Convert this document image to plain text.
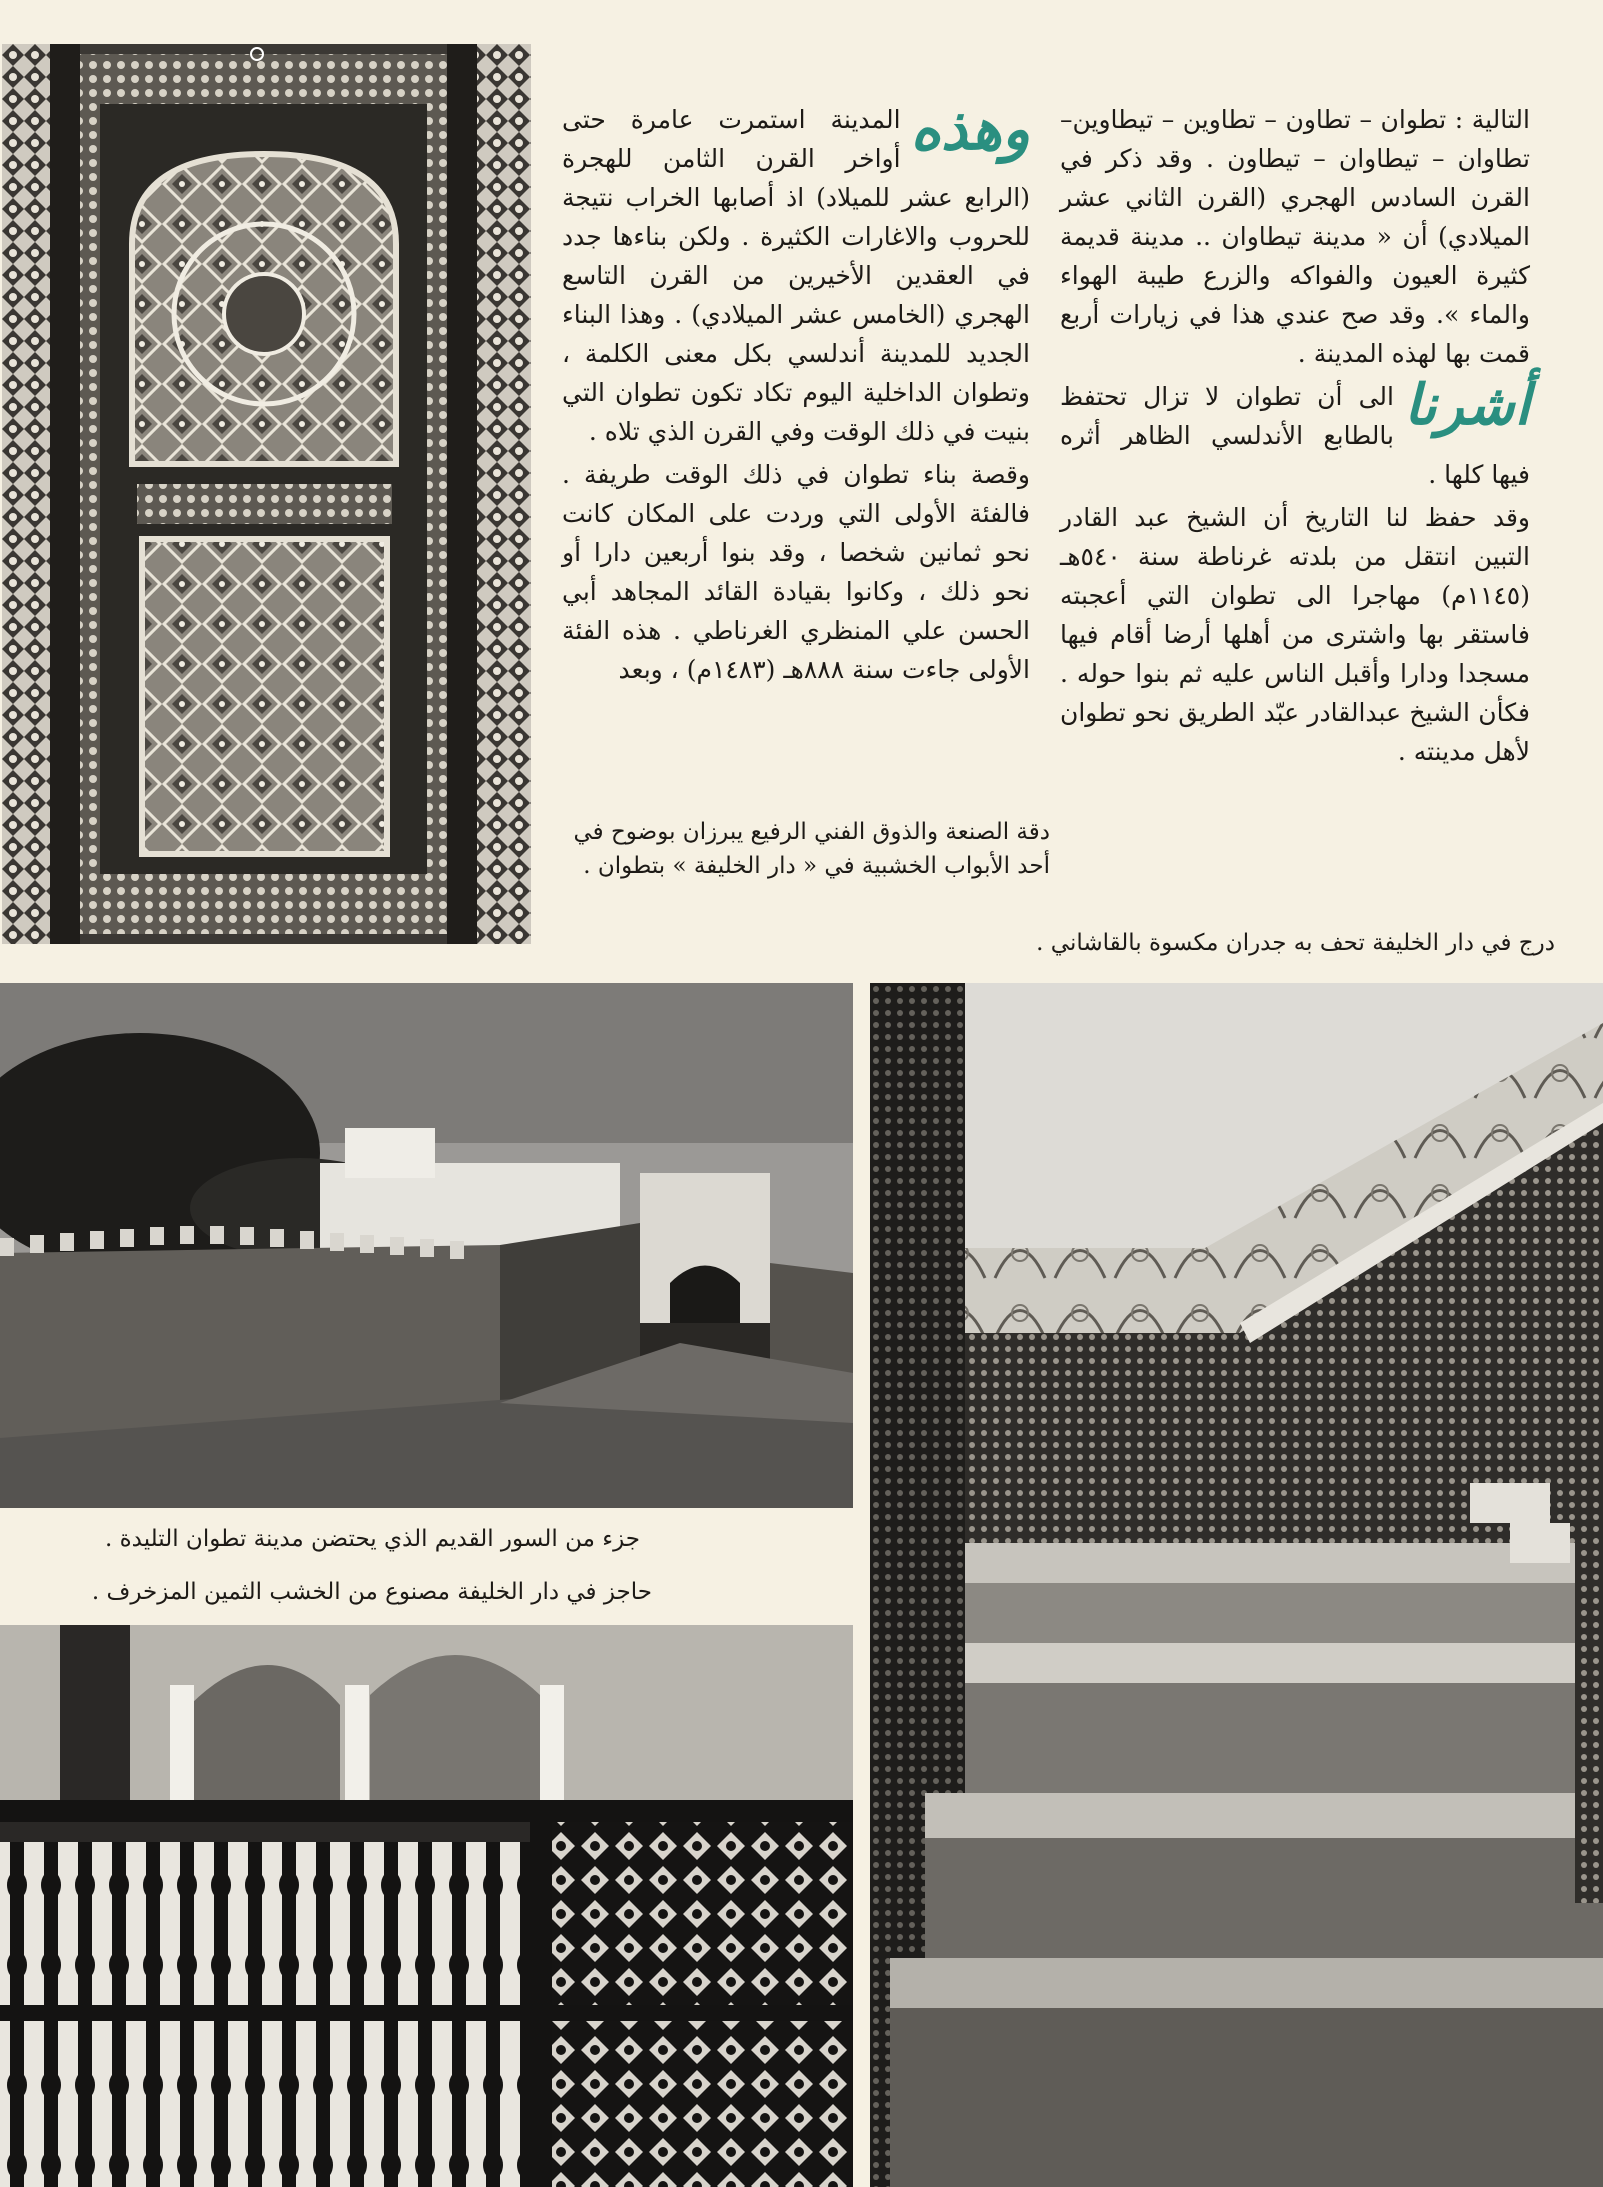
التالية : تطوان – تطاون – تطاوين – تيطاوين– تطاوان – تيطاوان – تيطاون . وقد ذكر في القرن السادس الهجري (القرن الثاني عشر الميلادي) أن « مدينة تيطاوان .. مدينة قديمة كثيرة العيون والفواكه والزرع طيبة الهواء والماء ». وقد صح عندي هذا في زيارات أربع قمت بها لهذه المدينة .

أشرنا
الى أن تطوان لا تزال تحتفظ بالطابع الأندلسي الظاهر أثره فيها كلها .

وقد حفظ لنا التاريخ أن الشيخ عبد القادر التبين انتقل من بلدته غرناطة سنة ٥٤٠هـ (١١٤٥م) مهاجرا الى تطوان التي أعجبته فاستقر بها واشترى من أهلها أرضا أقام فيها مسجدا ودارا وأقبل الناس عليه ثم بنوا حوله . فكأن الشيخ عبدالقادر عبّد الطريق نحو تطوان لأهل مدينته .

وهذه
المدينة استمرت عامرة حتى أواخر القرن الثامن للهجرة (الرابع عشر للميلاد) اذ أصابها الخراب نتيجة للحروب والاغارات الكثيرة . ولكن بناءها جدد في العقدين الأخيرين من القرن التاسع الهجري (الخامس عشر الميلادي) . وهذا البناء الجديد للمدينة أندلسي بكل معنى الكلمة ، وتطوان الداخلية اليوم تكاد تكون تطوان التي بنيت في ذلك الوقت وفي القرن الذي تلاه .

وقصة بناء تطوان في ذلك الوقت طريفة . فالفئة الأولى التي وردت على المكان كانت نحو ثمانين شخصا ، وقد بنوا أربعين دارا أو نحو ذلك ، وكانوا بقيادة القائد المجاهد أبي الحسن علي المنظري الغرناطي . هذه الفئة الأولى جاءت سنة ٨٨٨هـ (١٤٨٣م) ، وبعد

دقة الصنعة والذوق الفني الرفيع يبرزان بوضوح في
أحد الأبواب الخشبية في « دار الخليفة » بتطوان .
درج في دار الخليفة تحف به جدران مكسوة بالقاشاني .
جزء من السور القديم الذي يحتضن مدينة تطوان التليدة .
حاجز في دار الخليفة مصنوع من الخشب الثمين المزخرف .
